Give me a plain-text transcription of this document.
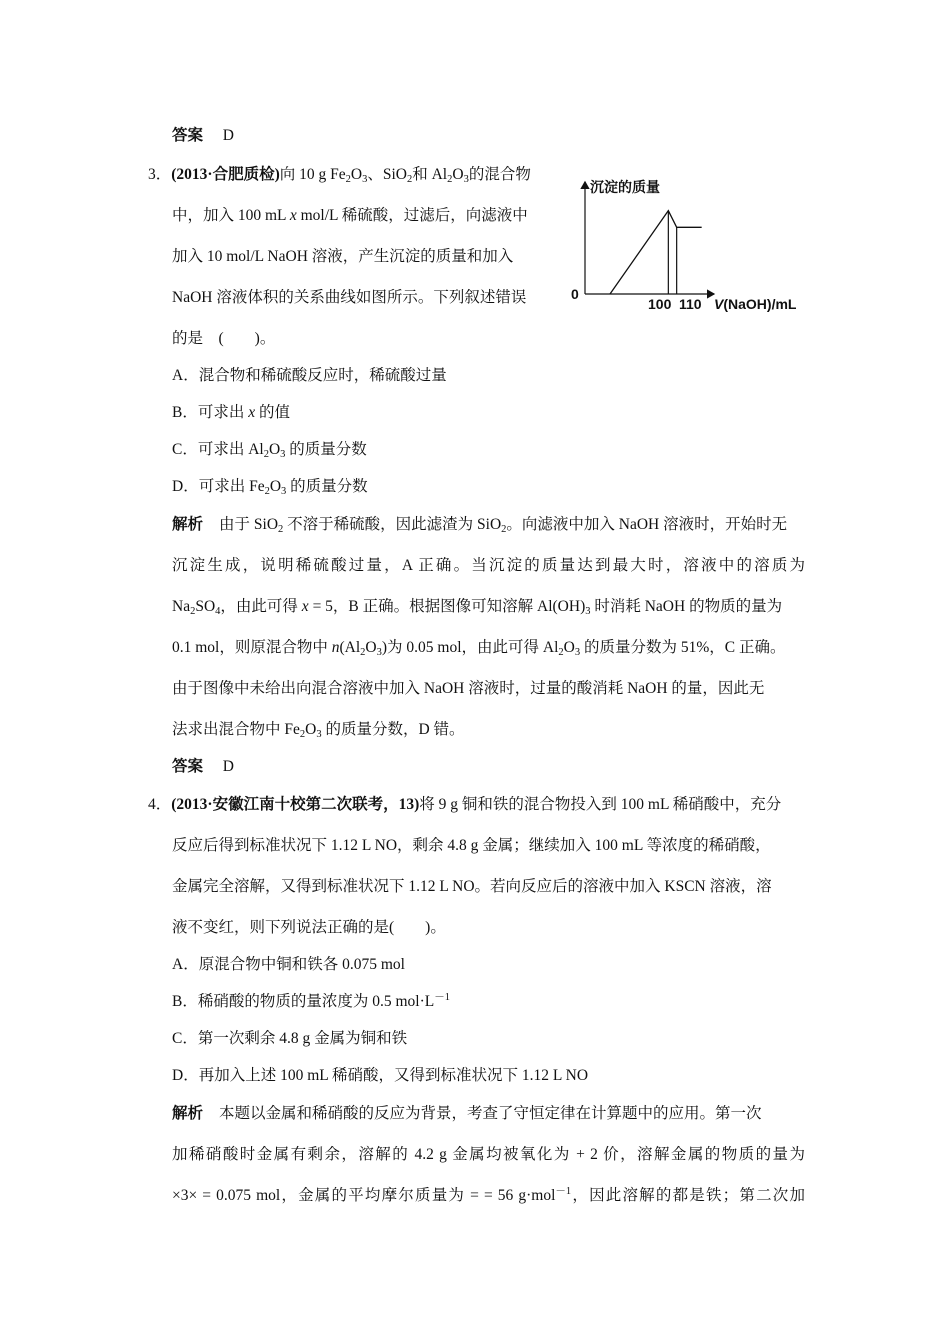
答案 D
3．(2013·合肥质检)向 10 g $Fe_2O_3$、SiO$_2$和 $Al_2O_3$的混合物
中，加入 100 mL x mol/L 稀硫酸，过滤后，向滤液中
加入 10 mol/L NaOH 溶液，产生沉淀的质量和加入
NaOH 溶液体积的关系曲线如图所示。下列叙述错误
的是　(　　)。
沉淀的质量
0
100 110 V(NaOH)/mL
A．混合物和稀硫酸反应时，稀硫酸过量
B．可求出 x 的值
C．可求出 $Al_2O_3$ 的质量分数
D．可求出 $Fe_2O_3$ 的质量分数
解析 由于 SiO$_2$ 不溶于稀硫酸，因此滤渣为 SiO$_2$。向滤液中加入 NaOH 溶液时，开始时无
沉淀生成，说明稀硫酸过量，A 正确。当沉淀的质量达到最大时，溶液中的溶质为
$Na_2SO_4$，由此可得 x = 5，B 正确。根据图像可知溶解 $Al(OH)_3$ 时消耗 NaOH 的物质的量为
0.1 mol，则原混合物中 $n(Al_2O_3)$为 0.05 mol，由此可得 $Al_2O_3$ 的质量分数为 51%，C 正确。
由于图像中未给出向混合溶液中加入 NaOH 溶液时，过量的酸消耗 NaOH 的量，因此无
法求出混合物中 $Fe_2O_3$ 的质量分数，D 错。
答案 D
4．(2013·安徽江南十校第二次联考，13)将 9 g 铜和铁的混合物投入到 100 mL 稀硝酸中，充分
反应后得到标准状况下 1.12 L NO，剩余 4.8 g 金属；继续加入 100 mL 等浓度的稀硝酸，
金属完全溶解，又得到标准状况下 1.12 L NO。若向反应后的溶液中加入 KSCN 溶液，溶
液不变红，则下列说法正确的是(　　)。
A．原混合物中铜和铁各 0.075 mol
B．稀硝酸的物质的量浓度为 0.5 $mol\cdot L^{-1}$
C．第一次剩余 4.8 g 金属为铜和铁
D．再加入上述 100 mL 稀硝酸，又得到标准状况下 1.12 L NO
解析 本题以金属和稀硝酸的反应为背景，考查了守恒定律在计算题中的应用。第一次
加稀硝酸时金属有剩余，溶解的 4.2 g 金属均被氧化为 + 2 价，溶解金属的物质的量为
×3× = 0.075 mol，金属的平均摩尔质量为 = = 56 g·mol$^{-1}$，因此溶解的都是铁；第二次加
